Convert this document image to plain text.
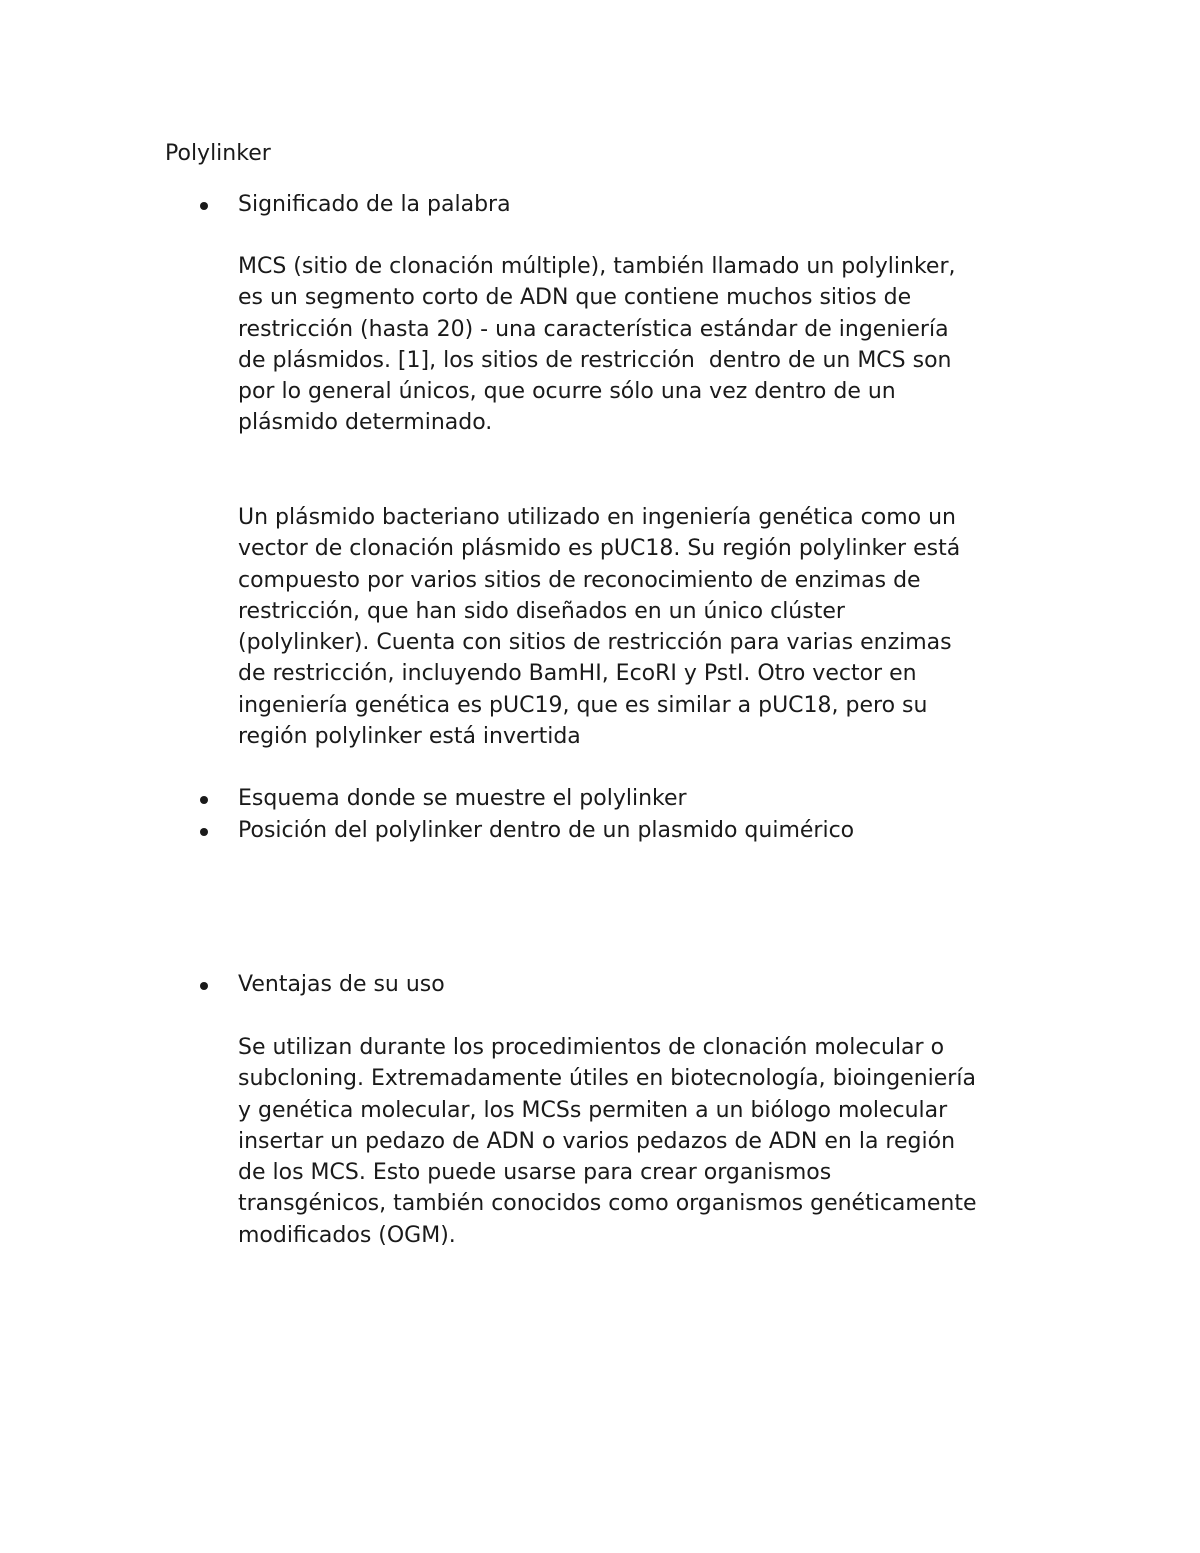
Polylinker
Significado de la palabra
MCS (sitio de clonación múltiple), también llamado un polylinker,
es un segmento corto de ADN que contiene muchos sitios de
restricción (hasta 20) - una característica estándar de ingeniería
de plásmidos. [1], los sitios de restricción  dentro de un MCS son
por lo general únicos, que ocurre sólo una vez dentro de un
plásmido determinado.
Un plásmido bacteriano utilizado en ingeniería genética como un
vector de clonación plásmido es pUC18. Su región polylinker está
compuesto por varios sitios de reconocimiento de enzimas de
restricción, que han sido diseñados en un único clúster
(polylinker). Cuenta con sitios de restricción para varias enzimas
de restricción, incluyendo BamHI, EcoRI y PstI. Otro vector en
ingeniería genética es pUC19, que es similar a pUC18, pero su
región polylinker está invertida
Esquema donde se muestre el polylinker
Posición del polylinker dentro de un plasmido quimérico
Ventajas de su uso
Se utilizan durante los procedimientos de clonación molecular o
subcloning. Extremadamente útiles en biotecnología, bioingeniería
y genética molecular, los MCSs permiten a un biólogo molecular
insertar un pedazo de ADN o varios pedazos de ADN en la región
de los MCS. Esto puede usarse para crear organismos
transgénicos, también conocidos como organismos genéticamente
modificados (OGM).
